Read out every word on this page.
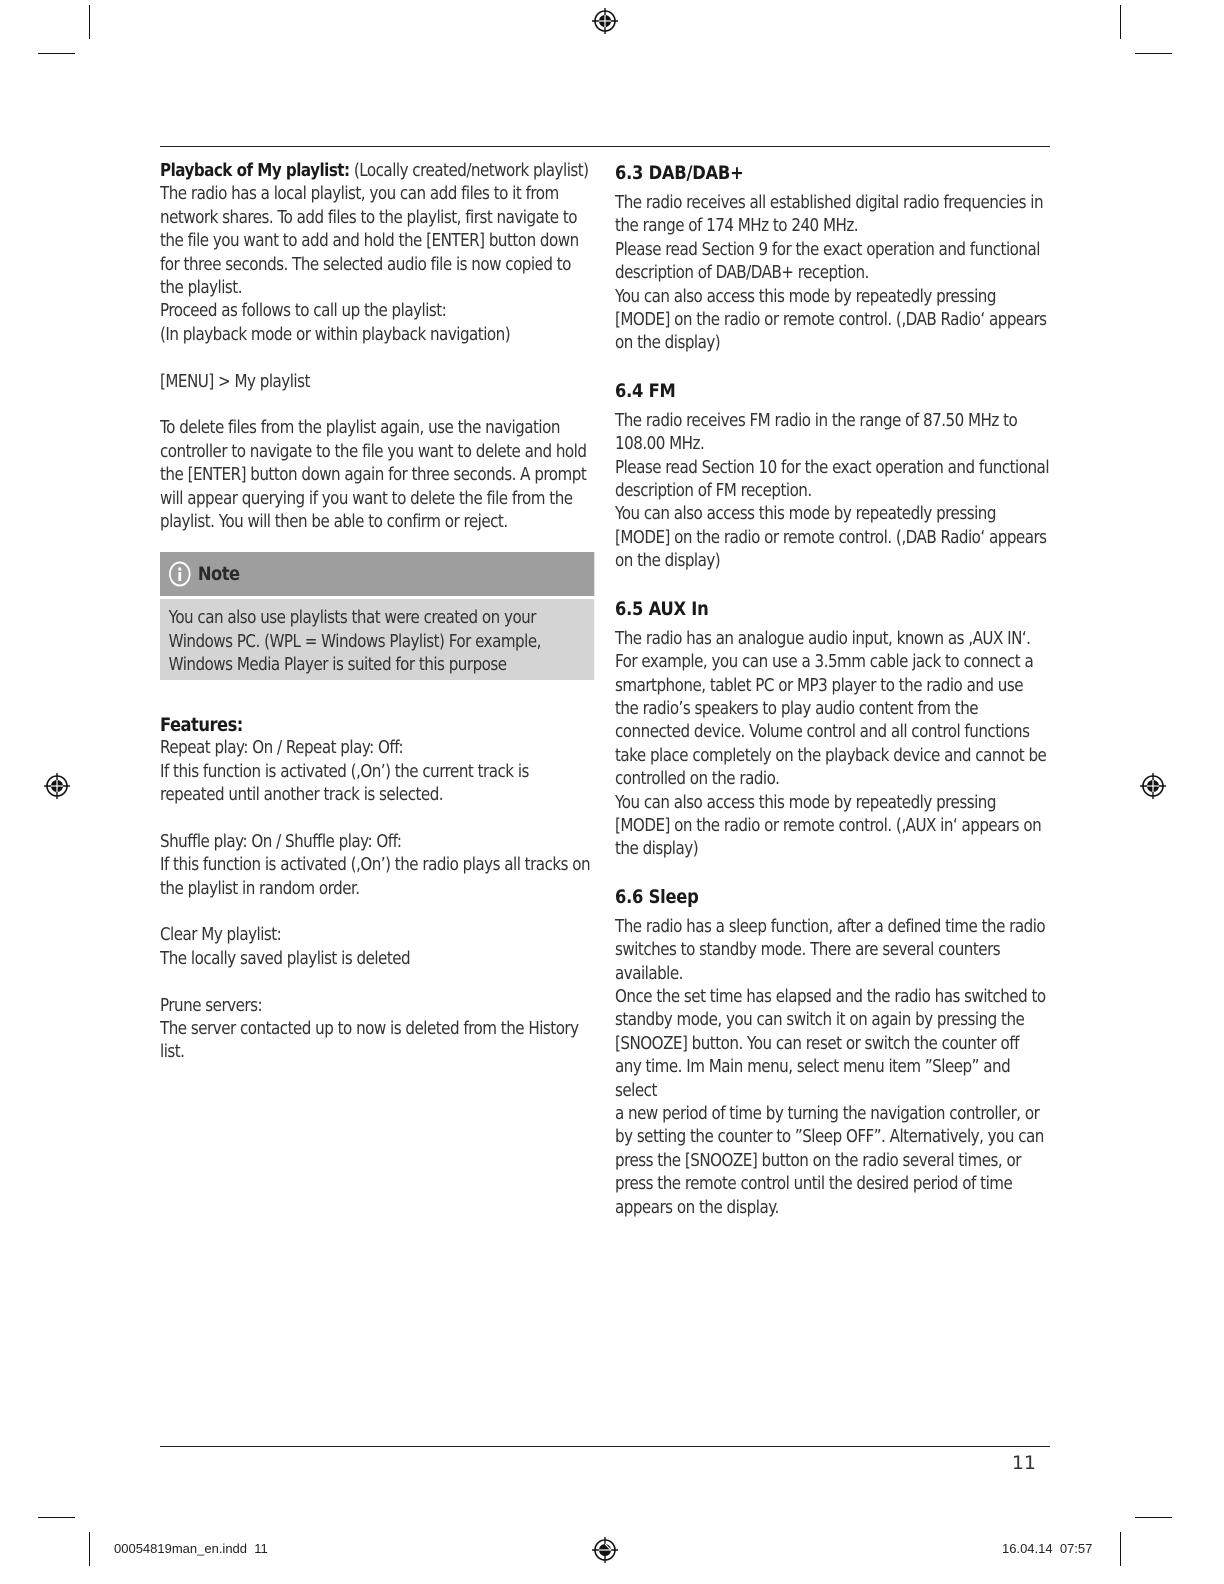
Playback of My playlist: (Locally created/network playlist)

The radio has a local playlist, you can add files to it from network shares. To add files to the playlist, first navigate to the file you want to add and hold the [ENTER] button down for three seconds. The selected audio file is now copied to the playlist.

Proceed as follows to call up the playlist:

(In playback mode or within playback navigation)

[MENU] > My playlist

To delete files from the playlist again, use the navigation controller to navigate to the file you want to delete and hold the [ENTER] button down again for three seconds. A prompt will appear querying if you want to delete the file from the playlist. You will then be able to confirm or reject.

Note
You can also use playlists that were created on your Windows PC. (WPL = Windows Playlist) For example, Windows Media Player is suited for this purpose

Features:

Repeat play: On / Repeat play: Off:

If this function is activated (‚On’) the current track is repeated until another track is selected.

Shuffle play: On / Shuffle play: Off:

If this function is activated (‚On’) the radio plays all tracks on the playlist in random order.

Clear My playlist:

The locally saved playlist is deleted

Prune servers:

The server contacted up to now is deleted from the History list.

6.3 DAB/DAB+

The radio receives all established digital radio frequencies in the range of 174 MHz to 240 MHz.

Please read Section 9 for the exact operation and functional description of DAB/DAB+ reception.

You can also access this mode by repeatedly pressing [MODE] on the radio or remote control. (‚DAB Radio‘ appears on the display)

6.4 FM

The radio receives FM radio in the range of 87.50 MHz to 108.00 MHz.

Please read Section 10 for the exact operation and functional description of FM reception.

You can also access this mode by repeatedly pressing [MODE] on the radio or remote control. (‚DAB Radio‘ appears on the display)

6.5 AUX In

The radio has an analogue audio input, known as ‚AUX IN‘. For example, you can use a 3.5mm cable jack to connect a smartphone, tablet PC or MP3 player to the radio and use the radio’s speakers to play audio content from the connected device. Volume control and all control functions take place completely on the playback device and cannot be controlled on the radio.

You can also access this mode by repeatedly pressing [MODE] on the radio or remote control. (‚AUX in‘ appears on the display)

6.6 Sleep

The radio has a sleep function, after a defined time the radio switches to standby mode. There are several counters available.

Once the set time has elapsed and the radio has switched to standby mode, you can switch it on again by pressing the [SNOOZE] button. You can reset or switch the counter off any time. Im Main menu, select menu item ”Sleep” and select

a new period of time by turning the navigation controller, or by setting the counter to ”Sleep OFF”. Alternatively, you can press the [SNOOZE] button on the radio several times, or press the remote control until the desired period of time appears on the display.

11
00054819man_en.indd 11	16.04.14 07:57
